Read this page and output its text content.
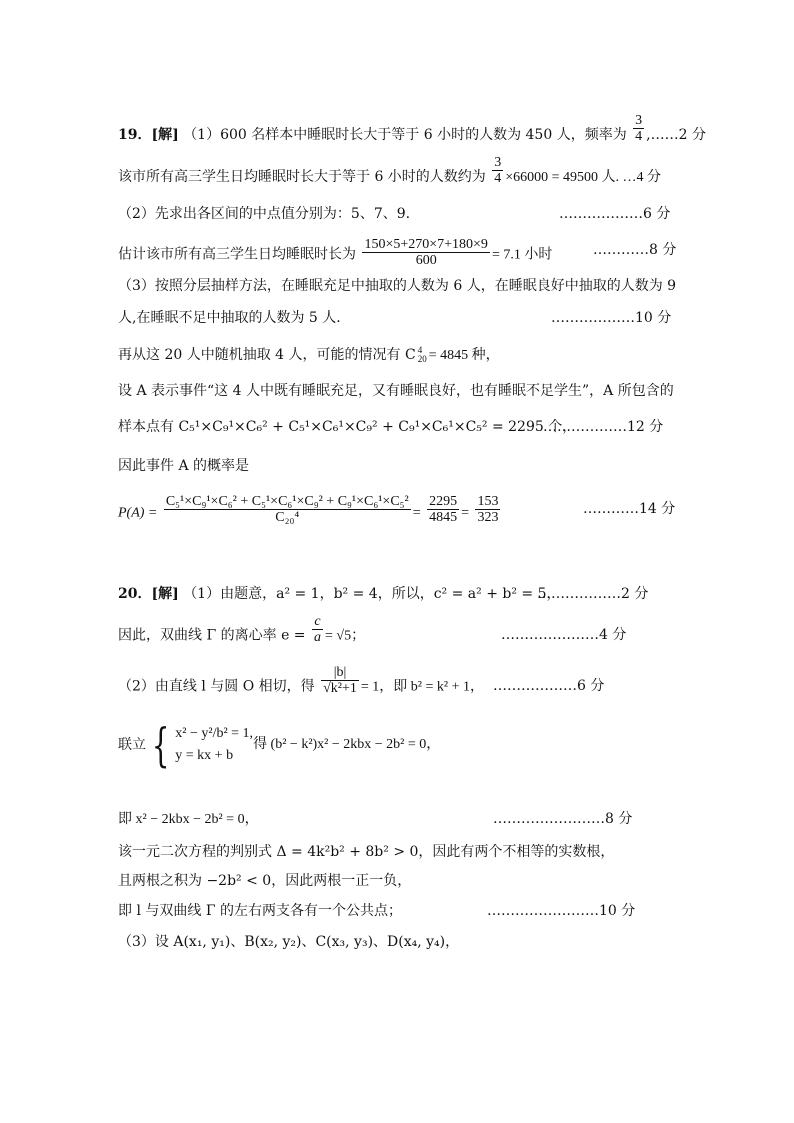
19．[解] （1）600 名样本中睡眠时长大于等于 6 小时的人数为 450 人，频率为 $\frac{3}{4}$ ,……2 分
该市所有高三学生日均睡眠时长大于等于 6 小时的人数约为 $\frac{3}{4} \times 66000 = 49500$ 人. …4 分
（2）先求出各区间的中点值分别为：5、7、9.	………………6 分
估计该市所有高三学生日均睡眠时长为 $\frac{150\times 5+270\times 7+180\times 9}{600} = 7.1$ 小时	…………8 分
（3）按照分层抽样方法，在睡眠充足中抽取的人数为 6 人，在睡眠良好中抽取的人数为 9
人,在睡眠不足中抽取的人数为 5 人.	………………10 分
再从这 20 人中随机抽取 4 人，可能的情况有 C 4
20 = 4845 种，
设 A 表示事件“这 4 人中既有睡眠充足，又有睡眠良好，也有睡眠不足学生”，A 所包含的
样本点有 C₅¹×C₉¹×C₆² + C₅¹×C₆¹×C₉² + C₉¹×C₆¹×C₅² = 2295 个，
………………12 分
因此事件 A 的概率是
$P(A) = \frac{\text{C₅¹×C₉¹×C₆² + C₅¹×C₆¹×C₉² + C₉¹×C₆¹×C₅²}}{\text{C₂₀⁴}} = \frac{2295}{4845} = \frac{153}{323}$	…………14 分
20．[解] （1）由题意，a² = 1，b² = 4，所以，c² = a² + b² = 5，
………………2 分
因此，双曲线 Γ 的离心率 $e = \frac{c}{a} = √5$；	…………………4 分
（2）由直线 l 与圆 O 相切，得 $\frac{|b|}{\text{√k²+1}} = 1$，即 b² = k² + 1， ………………6 分
联立 { x² − y²/b² = 1,
y = kx + b
得 (b² − k²)x² − 2kbx − 2b² = 0，
即 x² − 2kbx − 2b² = 0，	……………………8 分
该一元二次方程的判别式 Δ = 4k²b² + 8b² > 0，因此有两个不相等的实数根，
且两根之积为 −2b² < 0，因此两根一正一负，
即 l 与双曲线 Γ 的左右两支各有一个公共点；	……………………10 分
（3）设 A(x₁, y₁)、B(x₂, y₂)、C(x₃, y₃)、D(x₄, y₄)，
